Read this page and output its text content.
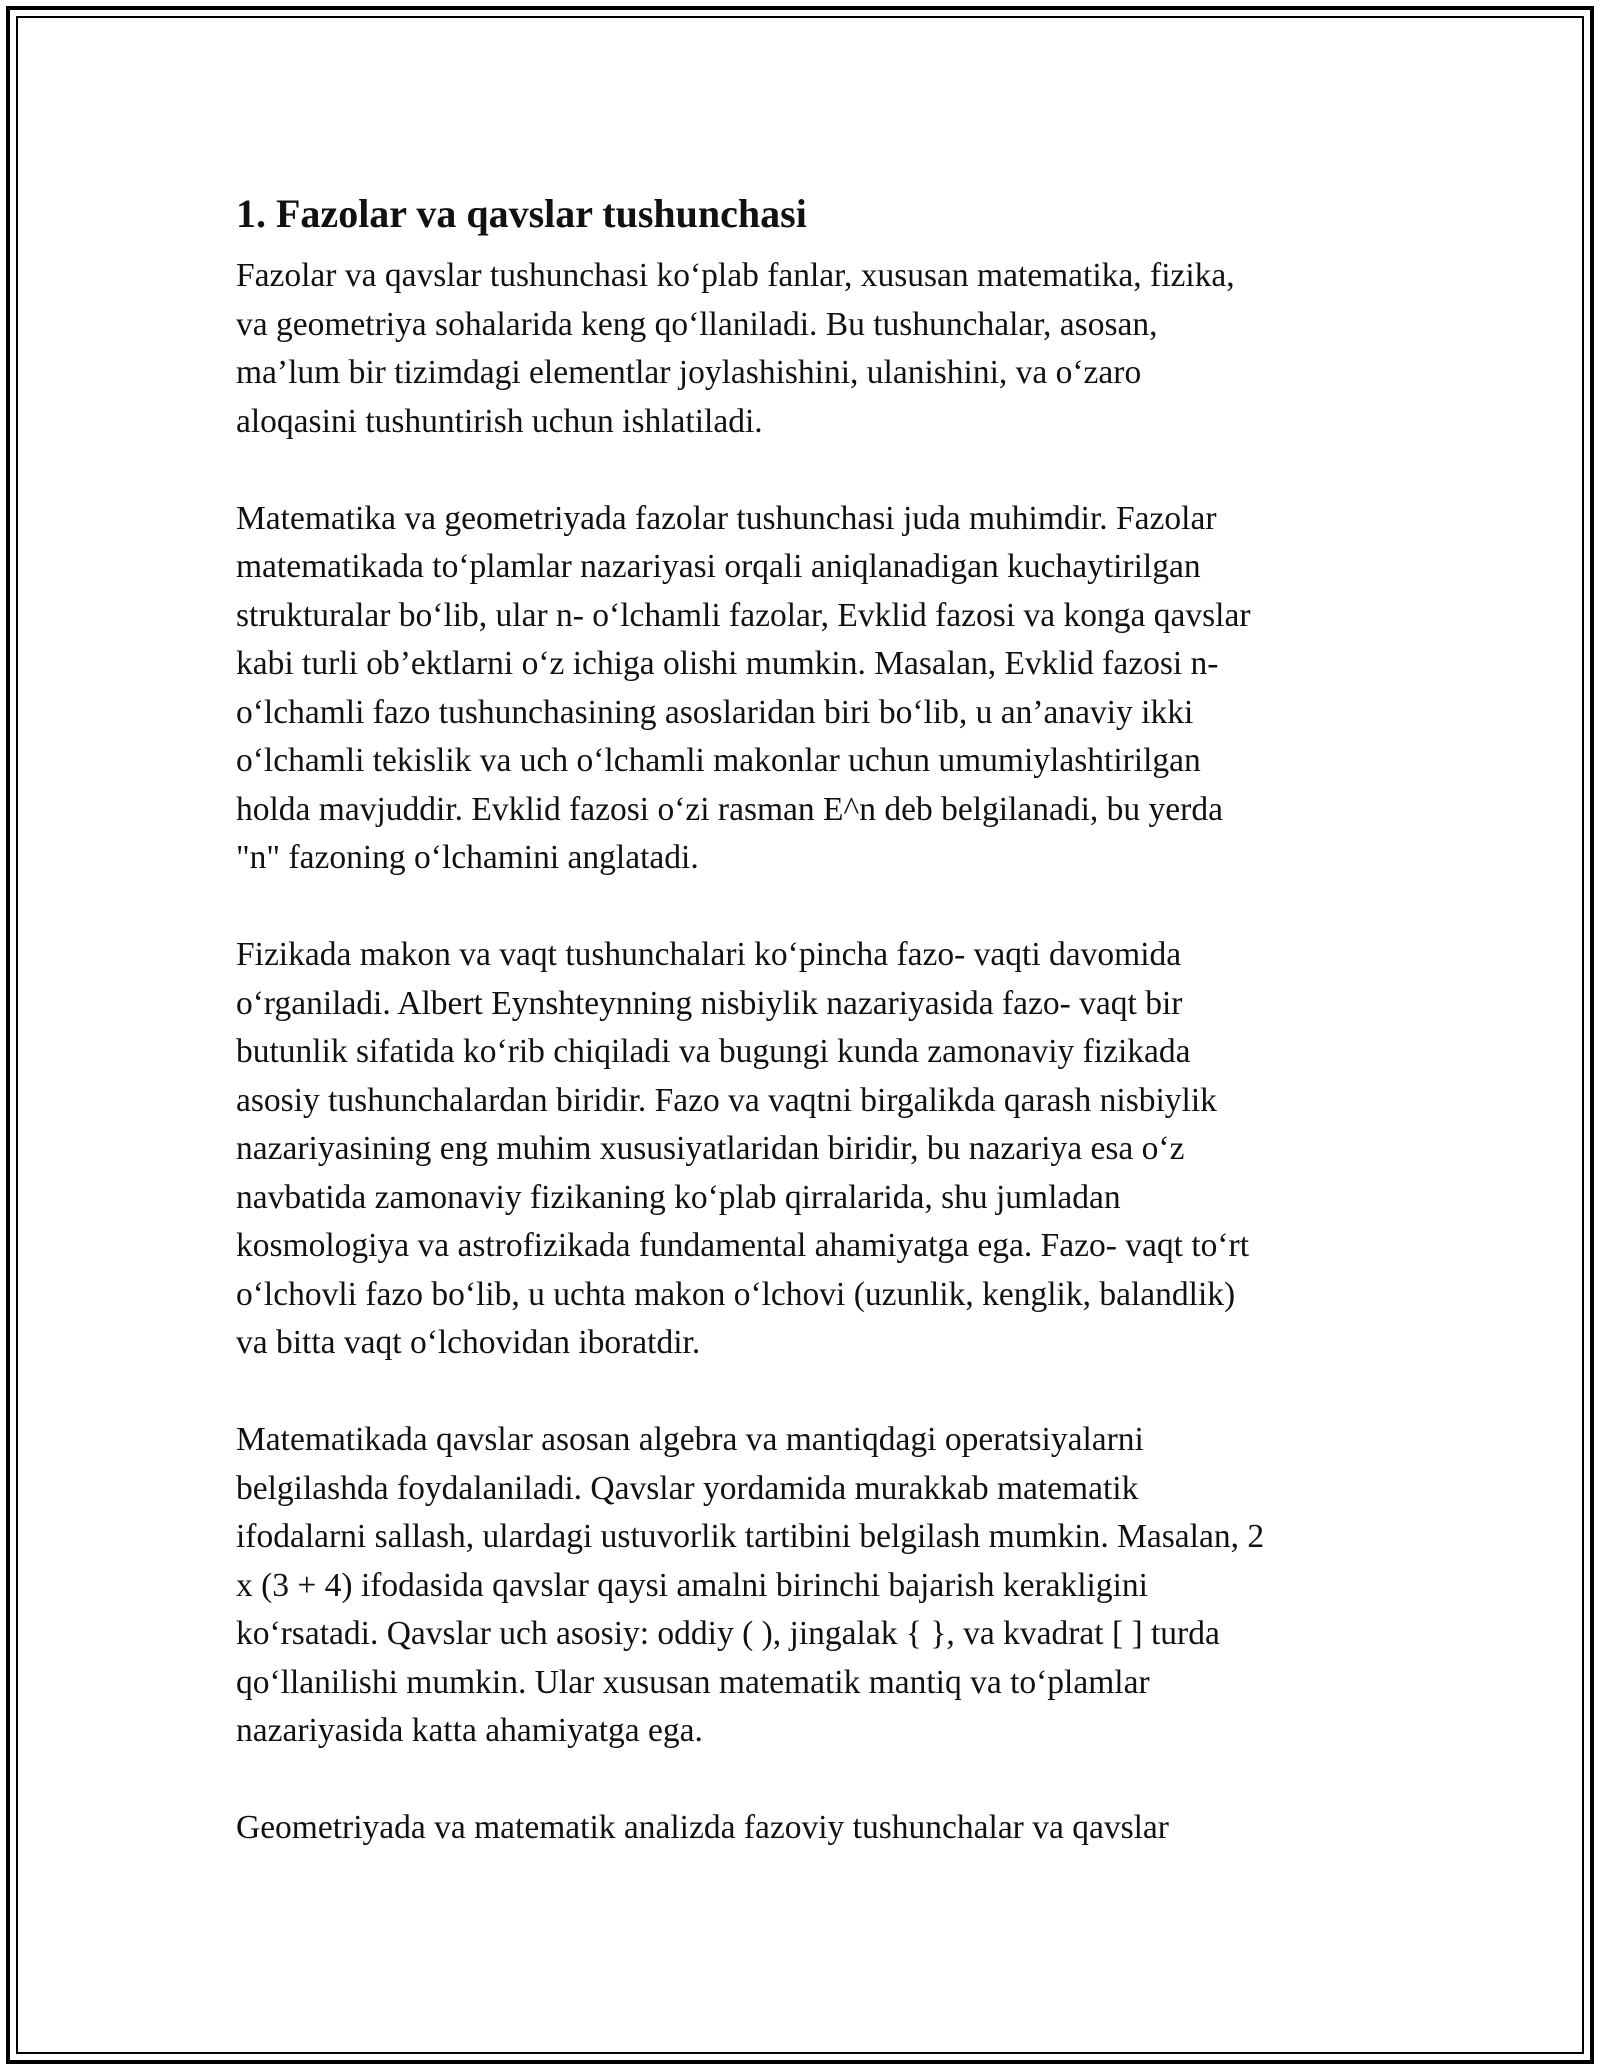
1. Fazolar va qavslar tushunchasi

Fazolar va qavslar tushunchasi ko‘plab fanlar, xususan matematika, fizika,
va geometriya sohalarida keng qo‘llaniladi. Bu tushunchalar, asosan,
ma’lum bir tizimdagi elementlar joylashishini, ulanishini, va o‘zaro
aloqasini tushuntirish uchun ishlatiladi.

Matematika va geometriyada fazolar tushunchasi juda muhimdir. Fazolar
matematikada to‘plamlar nazariyasi orqali aniqlanadigan kuchaytirilgan
strukturalar bo‘lib, ular n- o‘lchamli fazolar, Evklid fazosi va konga qavslar
kabi turli ob’ektlarni o‘z ichiga olishi mumkin. Masalan, Evklid fazosi n-
o‘lchamli fazo tushunchasining asoslaridan biri bo‘lib, u an’anaviy ikki
o‘lchamli tekislik va uch o‘lchamli makonlar uchun umumiylashtirilgan
holda mavjuddir. Evklid fazosi o‘zi rasman E^n deb belgilanadi, bu yerda
"n" fazoning o‘lchamini anglatadi.

Fizikada makon va vaqt tushunchalari ko‘pincha fazo- vaqti davomida
o‘rganiladi. Albert Eynshteynning nisbiylik nazariyasida fazo- vaqt bir
butunlik sifatida ko‘rib chiqiladi va bugungi kunda zamonaviy fizikada
asosiy tushunchalardan biridir. Fazo va vaqtni birgalikda qarash nisbiylik
nazariyasining eng muhim xususiyatlaridan biridir, bu nazariya esa o‘z
navbatida zamonaviy fizikaning ko‘plab qirralarida, shu jumladan
kosmologiya va astrofizikada fundamental ahamiyatga ega. Fazo- vaqt to‘rt
o‘lchovli fazo bo‘lib, u uchta makon o‘lchovi (uzunlik, kenglik, balandlik)
va bitta vaqt o‘lchovidan iboratdir.

Matematikada qavslar asosan algebra va mantiqdagi operatsiyalarni
belgilashda foydalaniladi. Qavslar yordamida murakkab matematik
ifodalarni sallash, ulardagi ustuvorlik tartibini belgilash mumkin. Masalan, 2
x (3 + 4) ifodasida qavslar qaysi amalni birinchi bajarish kerakligini
ko‘rsatadi. Qavslar uch asosiy: oddiy ( ), jingalak { }, va kvadrat [ ] turda
qo‘llanilishi mumkin. Ular xususan matematik mantiq va to‘plamlar
nazariyasida katta ahamiyatga ega.

Geometriyada va matematik analizda fazoviy tushunchalar va qavslar
